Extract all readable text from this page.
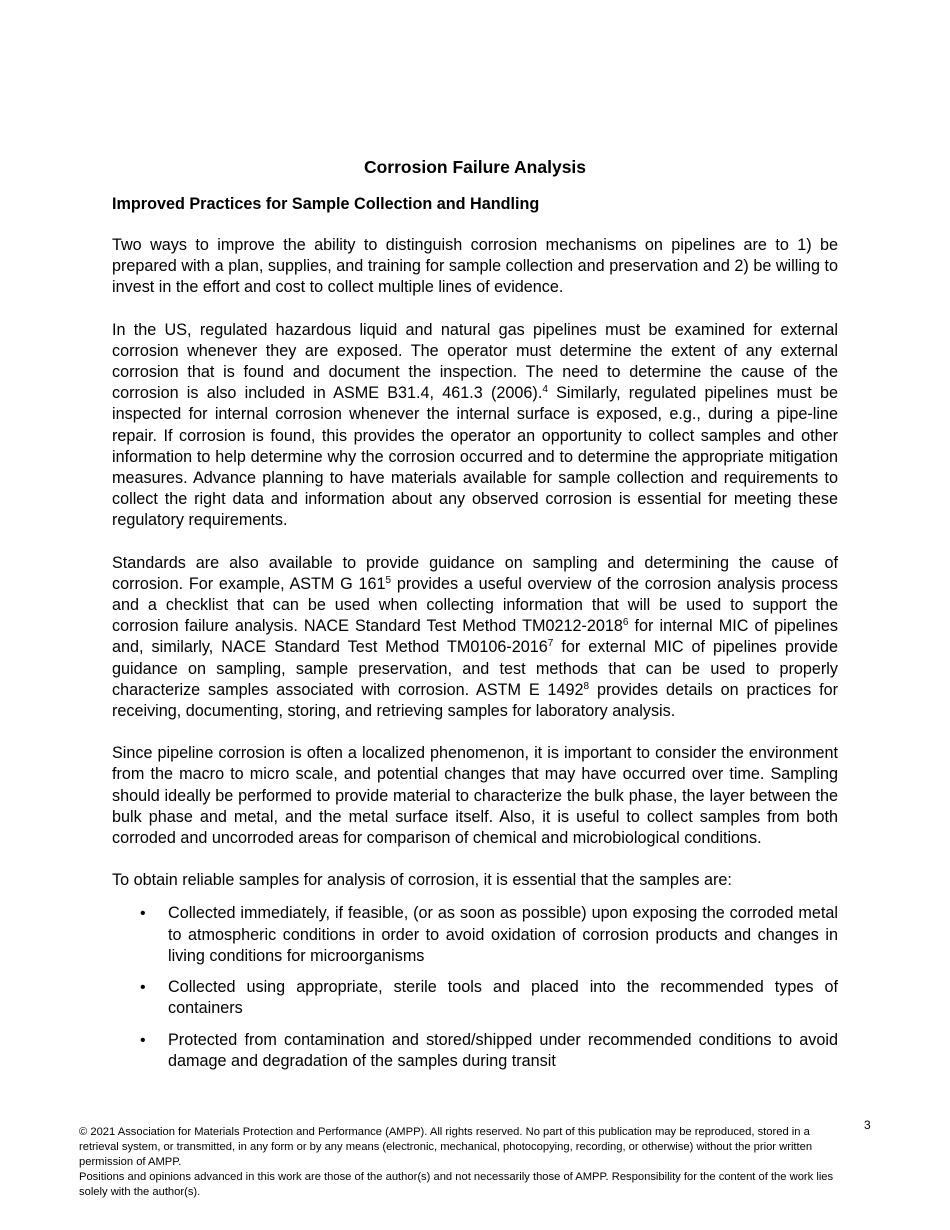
Corrosion Failure Analysis
Improved Practices for Sample Collection and Handling

Two ways to improve the ability to distinguish corrosion mechanisms on pipelines are to 1) be prepared with a plan, supplies, and training for sample collection and preservation and 2) be willing to invest in the effort and cost to collect multiple lines of evidence.

In the US, regulated hazardous liquid and natural gas pipelines must be examined for external corrosion whenever they are exposed. The operator must determine the extent of any external corrosion that is found and document the inspection. The need to determine the cause of the corrosion is also included in ASME B31.4, 461.3 (2006).$^4$ Similarly, regulated pipelines must be inspected for internal corrosion whenever the internal surface is exposed, e.g., during a pipe-line repair. If corrosion is found, this provides the operator an opportunity to collect samples and other information to help determine why the corrosion occurred and to determine the appropriate mitigation measures. Advance planning to have materials available for sample collection and requirements to collect the right data and information about any observed corrosion is essential for meeting these regulatory requirements.

Standards are also available to provide guidance on sampling and determining the cause of corrosion. For example, ASTM G $161^5$ provides a useful overview of the corrosion analysis process and a checklist that can be used when collecting information that will be used to support the corrosion failure analysis. NACE Standard Test Method TM0212-2018$^6$ for internal MIC of pipelines and, similarly, NACE Standard Test Method TM0106-2016$^7$ for external MIC of pipelines provide guidance on sampling, sample preservation, and test methods that can be used to properly characterize samples associated with corrosion. ASTM E 1492$^8$ provides details on practices for receiving, documenting, storing, and retrieving samples for laboratory analysis.

Since pipeline corrosion is often a localized phenomenon, it is important to consider the environment from the macro to micro scale, and potential changes that may have occurred over time. Sampling should ideally be performed to provide material to characterize the bulk phase, the layer between the bulk phase and metal, and the metal surface itself. Also, it is useful to collect samples from both corroded and uncorroded areas for comparison of chemical and microbiological conditions.

To obtain reliable samples for analysis of corrosion, it is essential that the samples are:

• Collected immediately, if feasible, (or as soon as possible) upon exposing the corroded metal to atmospheric conditions in order to avoid oxidation of corrosion products and changes in living conditions for microorganisms
• Collected using appropriate, sterile tools and placed into the recommended types of containers
• Protected from contamination and stored/shipped under recommended conditions to avoid damage and degradation of the samples during transit
3
© 2021 Association for Materials Protection and Performance (AMPP). All rights reserved. No part of this publication may be reproduced, stored in a retrieval system, or transmitted, in any form or by any means (electronic, mechanical, photocopying, recording, or otherwise) without the prior written permission of AMPP.
Positions and opinions advanced in this work are those of the author(s) and not necessarily those of AMPP. Responsibility for the content of the work lies solely with the author(s).
